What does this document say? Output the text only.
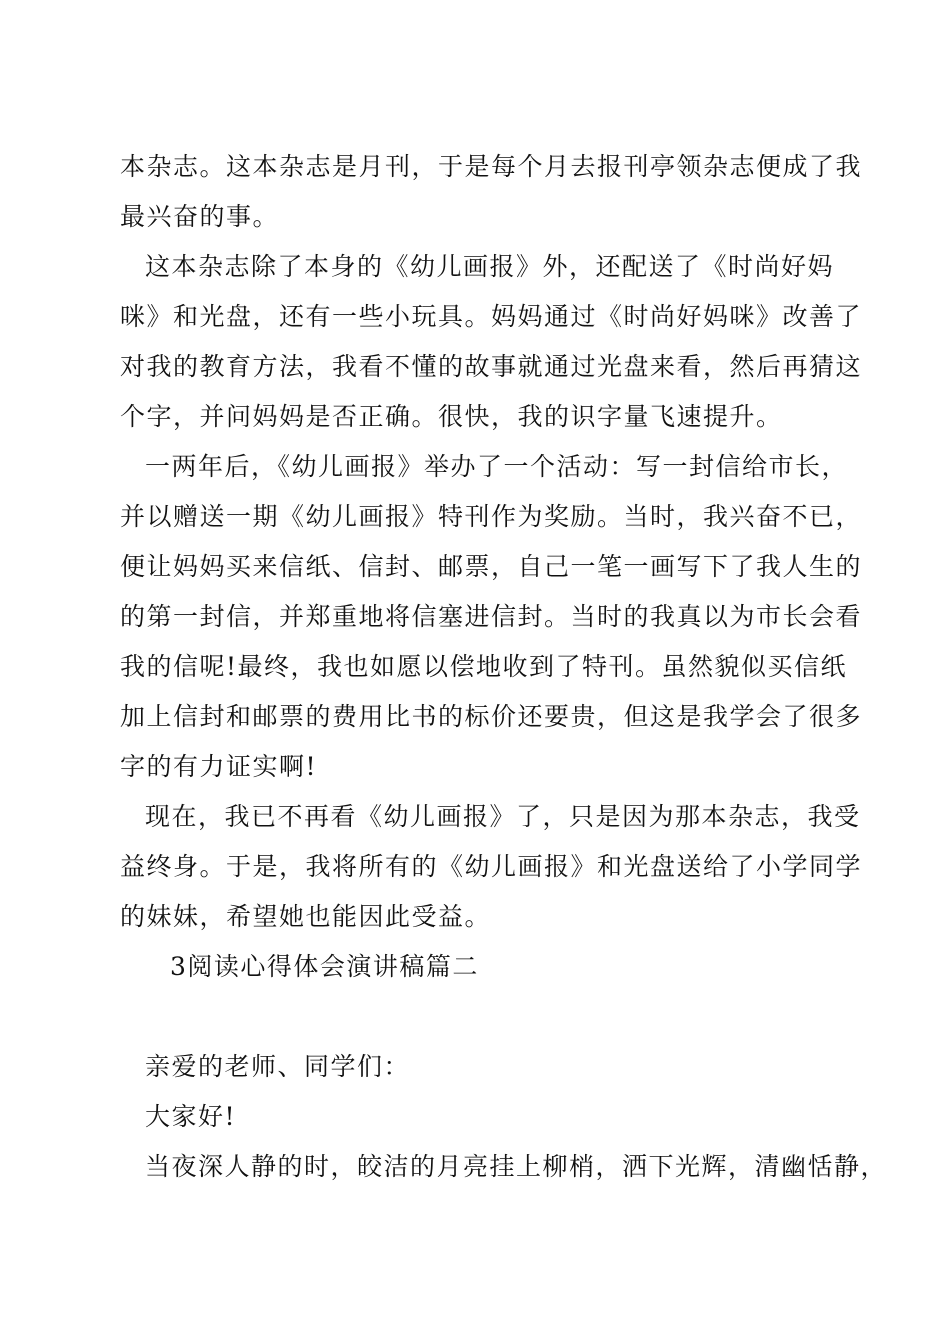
本杂志。这本杂志是月刊，于是每个月去报刊亭领杂志便成了我
最兴奋的事。
这本杂志除了本身的《幼儿画报》外，还配送了《时尚好妈
咪》和光盘，还有一些小玩具。妈妈通过《时尚好妈咪》改善了
对我的教育方法，我看不懂的故事就通过光盘来看，然后再猜这
个字，并问妈妈是否正确。很快，我的识字量飞速提升。
一两年后，《幼儿画报》举办了一个活动：写一封信给市长，
并以赠送一期《幼儿画报》特刊作为奖励。当时，我兴奋不已，
便让妈妈买来信纸、信封、邮票，自己一笔一画写下了我人生的
的第一封信，并郑重地将信塞进信封。当时的我真以为市长会看
我的信呢!最终，我也如愿以偿地收到了特刊。虽然貌似买信纸
加上信封和邮票的费用比书的标价还要贵，但这是我学会了很多
字的有力证实啊!
现在，我已不再看《幼儿画报》了，只是因为那本杂志，我受
益终身。于是，我将所有的《幼儿画报》和光盘送给了小学同学
的妹妹，希望她也能因此受益。
3阅读心得体会演讲稿篇二
亲爱的老师、同学们：
大家好!
当夜深人静的时，皎洁的月亮挂上柳梢，洒下光辉，清幽恬静，
